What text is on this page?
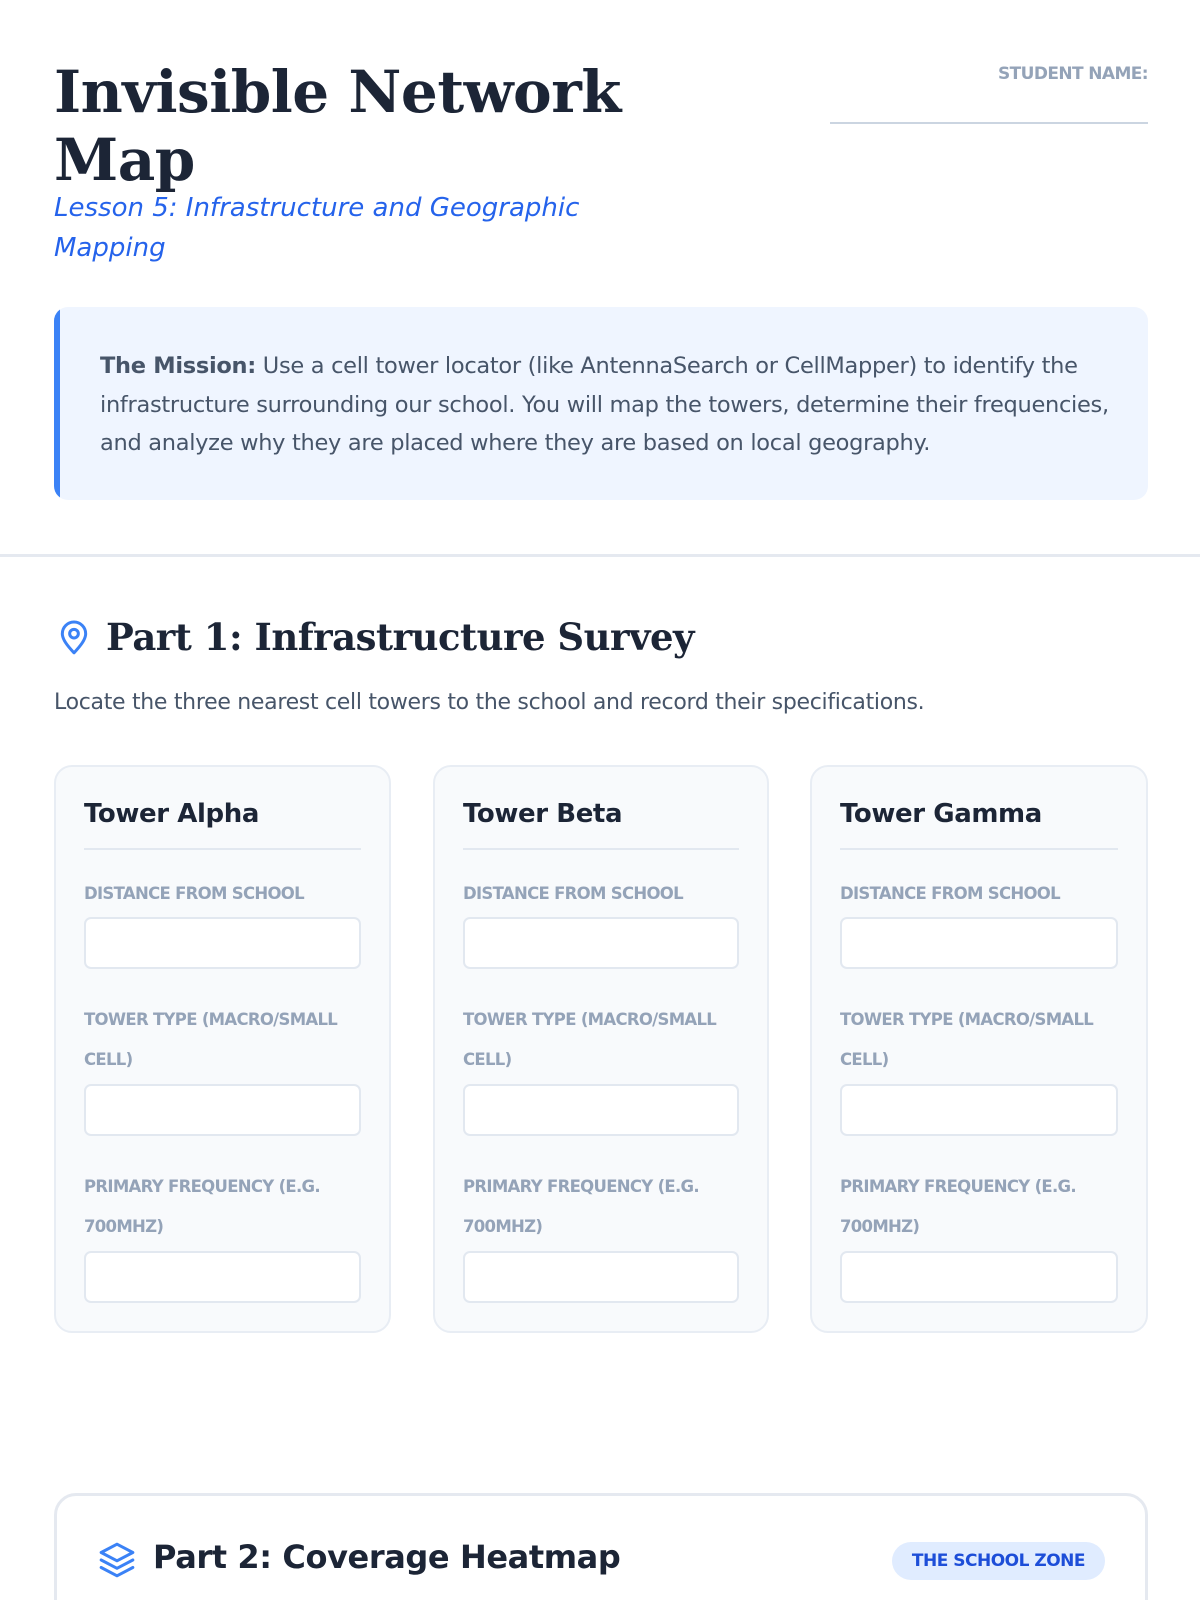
Invisible Network Map
Lesson 5: Infrastructure and Geographic Mapping
STUDENT NAME:

The Mission: Use a cell tower locator (like AntennaSearch or CellMapper) to identify the infrastructure surrounding our school. You will map the towers, determine their frequencies, and analyze why they are placed where they are based on local geography.

Part 1: Infrastructure Survey

Locate the three nearest cell towers to the school and record their specifications.

Tower Alpha
DISTANCE FROM SCHOOL
TOWER TYPE (MACRO/SMALL CELL)
PRIMARY FREQUENCY (E.G. 700MHZ)
Tower Beta
DISTANCE FROM SCHOOL
TOWER TYPE (MACRO/SMALL CELL)
PRIMARY FREQUENCY (E.G. 700MHZ)
Tower Gamma
DISTANCE FROM SCHOOL
TOWER TYPE (MACRO/SMALL CELL)
PRIMARY FREQUENCY (E.G. 700MHZ)
Part 2: Coverage Heatmap	THE SCHOOL ZONE
